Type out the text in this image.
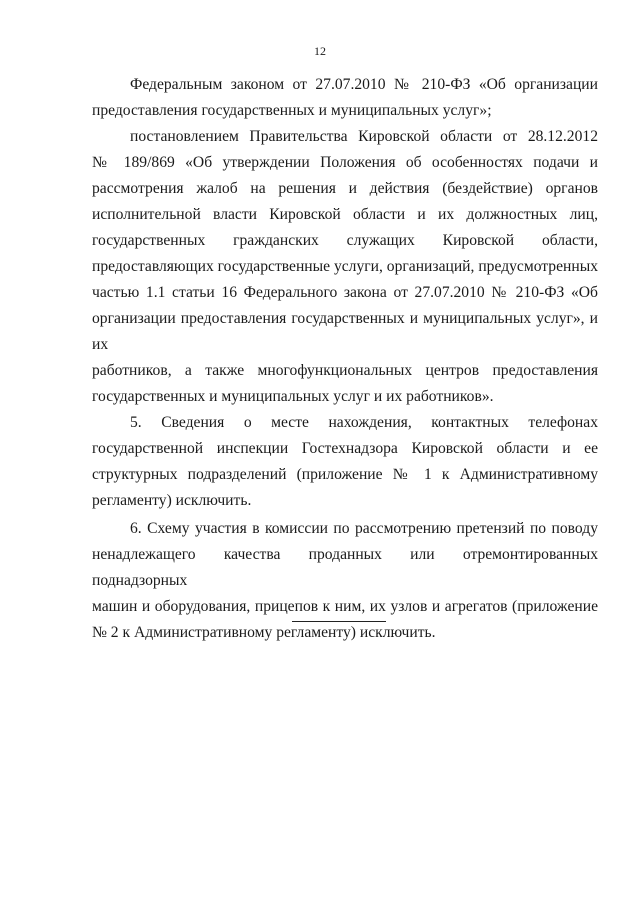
12

Федеральным законом от 27.07.2010 № 210-ФЗ «Об организации
предоставления государственных и муниципальных услуг»;

постановлением Правительства Кировской области от 28.12.2012
№ 189/869 «Об утверждении Положения об особенностях подачи и
рассмотрения жалоб на решения и действия (бездействие) органов
исполнительной власти Кировской области и их должностных лиц,
государственных гражданских служащих Кировской области,
предоставляющих государственные услуги, организаций, предусмотренных
частью 1.1 статьи 16 Федерального закона от 27.07.2010 № 210-ФЗ «Об
организации предоставления государственных и муниципальных услуг», и их
работников, а также многофункциональных центров предоставления
государственных и муниципальных услуг и их работников».

5. Сведения о месте нахождения, контактных телефонах
государственной инспекции Гостехнадзора Кировской области и ее
структурных подразделений (приложение № 1 к Административному
регламенту) исключить.

6. Схему участия в комиссии по рассмотрению претензий по поводу
ненадлежащего качества проданных или отремонтированных поднадзорных
машин и оборудования, прицепов к ним, их узлов и агрегатов (приложение
№ 2 к Административному регламенту) исключить.
